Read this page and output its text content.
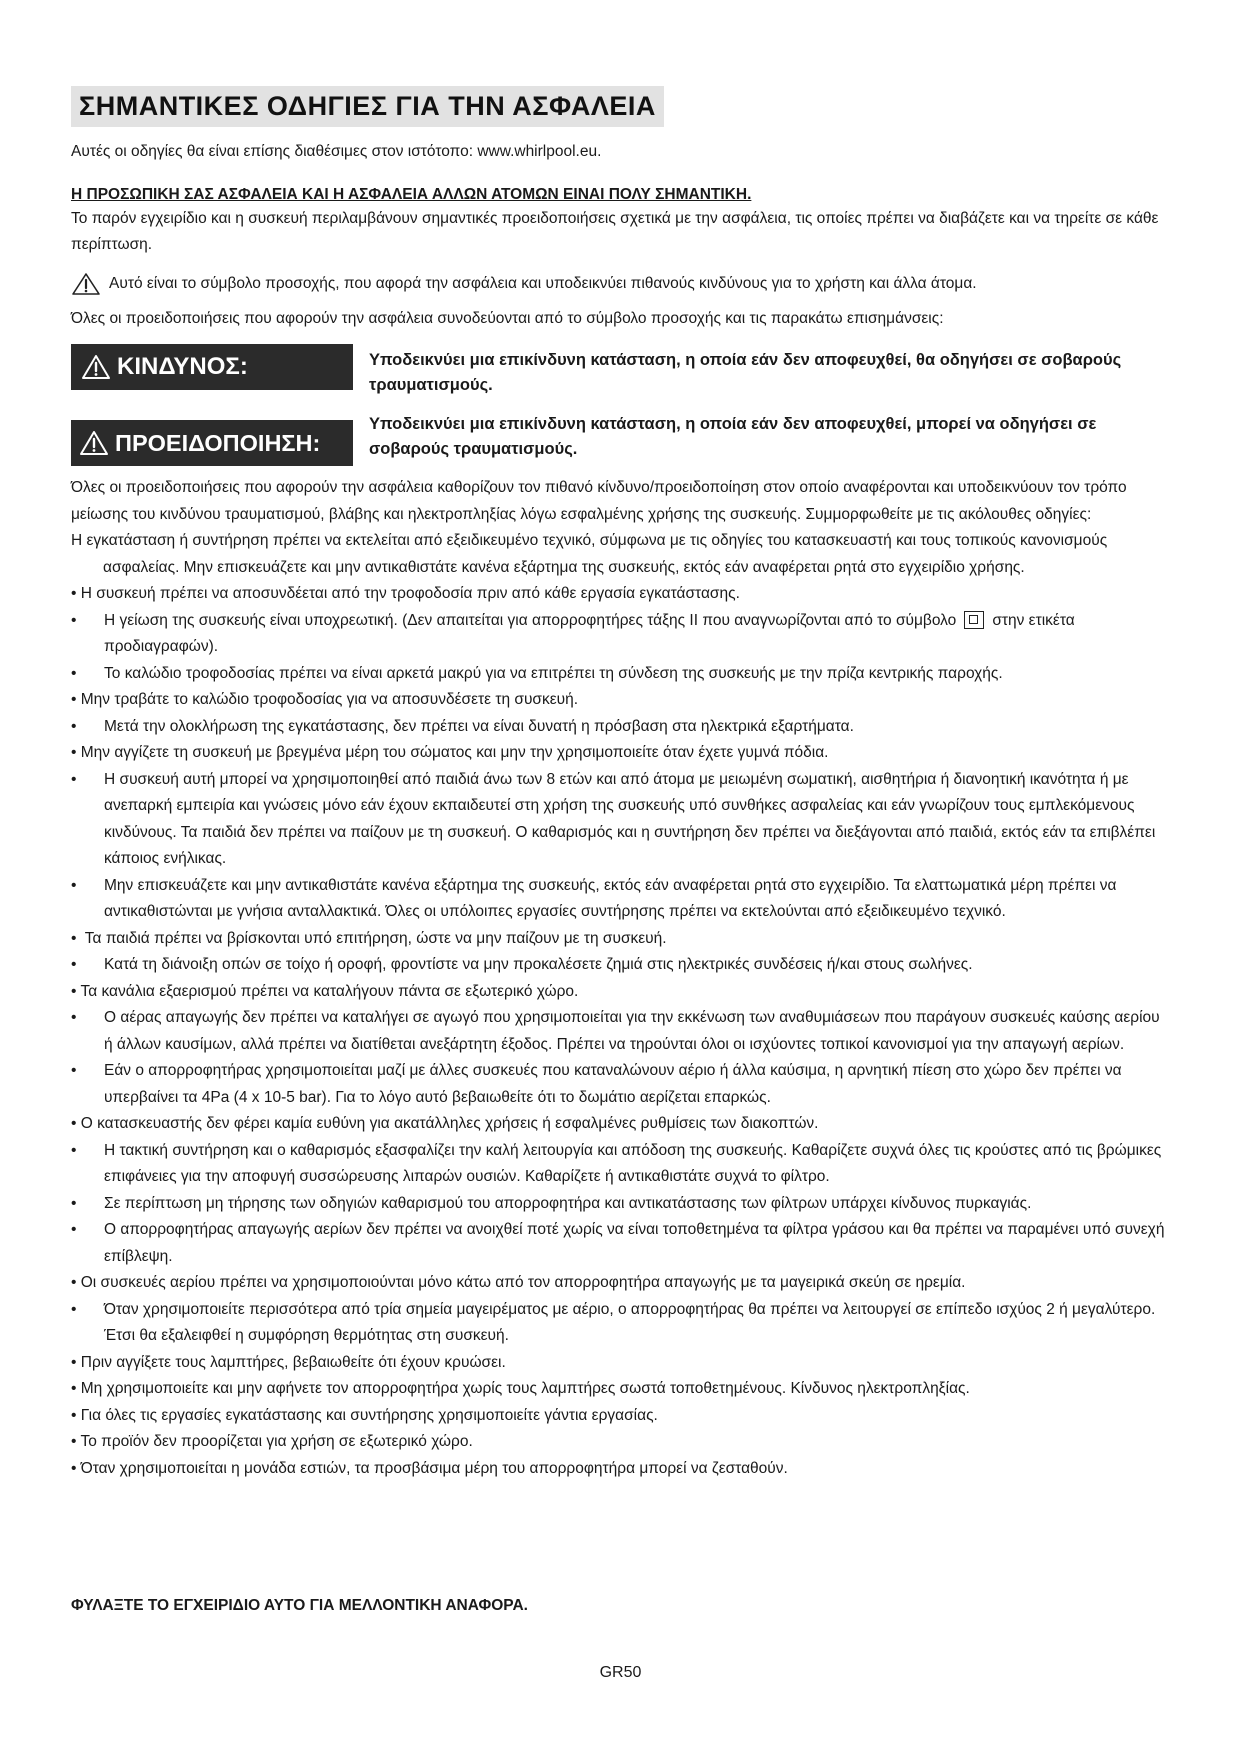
ΣΗΜΑΝΤΙΚΕΣ ΟΔΗΓΙΕΣ ΓΙΑ ΤΗΝ ΑΣΦΑΛΕΙΑ

Αυτές οι οδηγίες θα είναι επίσης διαθέσιμες στον ιστότοπο: www.whirlpool.eu.

Η ΠΡΟΣΩΠΙΚΗ ΣΑΣ ΑΣΦΑΛΕΙΑ ΚΑΙ Η ΑΣΦΑΛΕΙΑ ΑΛΛΩΝ ΑΤΟΜΩΝ ΕΙΝΑΙ ΠΟΛΥ ΣΗΜΑΝΤΙΚΗ.

Το παρόν εγχειρίδιο και η συσκευή περιλαμβάνουν σημαντικές προειδοποιήσεις σχετικά με την ασφάλεια, τις οποίες πρέπει να διαβάζετε και να τηρείτε σε κάθε περίπτωση.

Αυτό είναι το σύμβολο προσοχής, που αφορά την ασφάλεια και υποδεικνύει πιθανούς κινδύνους για το χρήστη και άλλα άτομα.

Όλες οι προειδοποιήσεις που αφορούν την ασφάλεια συνοδεύονται από το σύμβολο προσοχής και τις παρακάτω επισημάνσεις:

ΚΙΝΔΥΝΟΣ:	Υποδεικνύει μια επικίνδυνη κατάσταση, η οποία εάν δεν αποφευχθεί, θα οδηγήσει σε σοβαρούς τραυματισμούς.
ΠΡΟΕΙΔΟΠΟΙΗΣΗ:
Υποδεικνύει μια επικίνδυνη κατάσταση, η οποία εάν δεν αποφευχθεί, μπορεί να οδηγήσει σε σοβαρούς τραυματισμούς.

Όλες οι προειδοποιήσεις που αφορούν την ασφάλεια καθορίζουν τον πιθανό κίνδυνο/προειδοποίηση στον οποίο αναφέρονται και υποδεικνύουν τον τρόπο μείωσης του κινδύνου τραυματισμού, βλάβης και ηλεκτροπληξίας λόγω εσφαλμένης χρήσης της συσκευής. Συμμορφωθείτε με τις ακόλουθες οδηγίες:

Η εγκατάσταση ή συντήρηση πρέπει να εκτελείται από εξειδικευμένο τεχνικό, σύμφωνα με τις οδηγίες του κατασκευαστή και τους τοπικούς κανονισμούς ασφαλείας. Μην επισκευάζετε και μην αντικαθιστάτε κανένα εξάρτημα της συσκευής, εκτός εάν αναφέρεται ρητά στο εγχειρίδιο χρήσης.

• Η συσκευή πρέπει να αποσυνδέεται από την τροφοδοσία πριν από κάθε εργασία εγκατάστασης.

•	Η γείωση της συσκευής είναι υποχρεωτική. (Δεν απαιτείται για απορροφητήρες τάξης II που αναγνωρίζονται από το σύμβολο στην ετικέτα προδιαγραφών).
•	Το καλώδιο τροφοδοσίας πρέπει να είναι αρκετά μακρύ για να επιτρέπει τη σύνδεση της συσκευής με την πρίζα κεντρικής παροχής.

• Μην τραβάτε το καλώδιο τροφοδοσίας για να αποσυνδέσετε τη συσκευή.

•	Μετά την ολοκλήρωση της εγκατάστασης, δεν πρέπει να είναι δυνατή η πρόσβαση στα ηλεκτρικά εξαρτήματα.

• Μην αγγίζετε τη συσκευή με βρεγμένα μέρη του σώματος και μην την χρησιμοποιείτε όταν έχετε γυμνά πόδια.

•	Η συσκευή αυτή μπορεί να χρησιμοποιηθεί από παιδιά άνω των 8 ετών και από άτομα με μειωμένη σωματική, αισθητήρια ή διανοητική ικανότητα ή με ανεπαρκή εμπειρία και γνώσεις μόνο εάν έχουν εκπαιδευτεί στη χρήση της συσκευής υπό συνθήκες ασφαλείας και εάν γνωρίζουν τους εμπλεκόμενους κινδύνους. Τα παιδιά δεν πρέπει να παίζουν με τη συσκευή. Ο καθαρισμός και η συντήρηση δεν πρέπει να διεξάγονται από παιδιά, εκτός εάν τα επιβλέπει κάποιος ενήλικας.
•	Μην επισκευάζετε και μην αντικαθιστάτε κανένα εξάρτημα της συσκευής, εκτός εάν αναφέρεται ρητά στο εγχειρίδιο. Τα ελαττωματικά μέρη πρέπει να αντικαθιστώνται με γνήσια ανταλλακτικά. Όλες οι υπόλοιπες εργασίες συντήρησης πρέπει να εκτελούνται από εξειδικευμένο τεχνικό.

• Τα παιδιά πρέπει να βρίσκονται υπό επιτήρηση, ώστε να μην παίζουν με τη συσκευή.

•	Κατά τη διάνοιξη οπών σε τοίχο ή οροφή, φροντίστε να μην προκαλέσετε ζημιά στις ηλεκτρικές συνδέσεις ή/και στους σωλήνες.

• Τα κανάλια εξαερισμού πρέπει να καταλήγουν πάντα σε εξωτερικό χώρο.

•	Ο αέρας απαγωγής δεν πρέπει να καταλήγει σε αγωγό που χρησιμοποιείται για την εκκένωση των αναθυμιάσεων που παράγουν συσκευές καύσης αερίου ή άλλων καυσίμων, αλλά πρέπει να διατίθεται ανεξάρτητη έξοδος. Πρέπει να τηρούνται όλοι οι ισχύοντες τοπικοί κανονισμοί για την απαγωγή αερίων.
•	Εάν ο απορροφητήρας χρησιμοποιείται μαζί με άλλες συσκευές που καταναλώνουν αέριο ή άλλα καύσιμα, η αρνητική πίεση στο χώρο δεν πρέπει να υπερβαίνει τα 4Pa (4 x 10-5 bar). Για το λόγο αυτό βεβαιωθείτε ότι το δωμάτιο αερίζεται επαρκώς.

• Ο κατασκευαστής δεν φέρει καμία ευθύνη για ακατάλληλες χρήσεις ή εσφαλμένες ρυθμίσεις των διακοπτών.

•	Η τακτική συντήρηση και ο καθαρισμός εξασφαλίζει την καλή λειτουργία και απόδοση της συσκευής. Καθαρίζετε συχνά όλες τις κρούστες από τις βρώμικες επιφάνειες για την αποφυγή συσσώρευσης λιπαρών ουσιών. Καθαρίζετε ή αντικαθιστάτε συχνά το φίλτρο.
•	Σε περίπτωση μη τήρησης των οδηγιών καθαρισμού του απορροφητήρα και αντικατάστασης των φίλτρων υπάρχει κίνδυνος πυρκαγιάς.
•	Ο απορροφητήρας απαγωγής αερίων δεν πρέπει να ανοιχθεί ποτέ χωρίς να είναι τοποθετημένα τα φίλτρα γράσου και θα πρέπει να παραμένει υπό συνεχή επίβλεψη.

• Οι συσκευές αερίου πρέπει να χρησιμοποιούνται μόνο κάτω από τον απορροφητήρα απαγωγής με τα μαγειρικά σκεύη σε ηρεμία.

•	Όταν χρησιμοποιείτε περισσότερα από τρία σημεία μαγειρέματος με αέριο, ο απορροφητήρας θα πρέπει να λειτουργεί σε επίπεδο ισχύος 2 ή μεγαλύτερο. Έτσι θα εξαλειφθεί η συμφόρηση θερμότητας στη συσκευή.

• Πριν αγγίξετε τους λαμπτήρες, βεβαιωθείτε ότι έχουν κρυώσει.

• Μη χρησιμοποιείτε και μην αφήνετε τον απορροφητήρα χωρίς τους λαμπτήρες σωστά τοποθετημένους. Κίνδυνος ηλεκτροπληξίας.

• Για όλες τις εργασίες εγκατάστασης και συντήρησης χρησιμοποιείτε γάντια εργασίας.

• Το προϊόν δεν προορίζεται για χρήση σε εξωτερικό χώρο.

• Όταν χρησιμοποιείται η μονάδα εστιών, τα προσβάσιμα μέρη του απορροφητήρα μπορεί να ζεσταθούν.

ΦΥΛΑΞΤΕ ΤΟ ΕΓΧΕΙΡΙΔΙΟ ΑΥΤΟ ΓΙΑ ΜΕΛΛΟΝΤΙΚΗ ΑΝΑΦΟΡΑ.

GR50
